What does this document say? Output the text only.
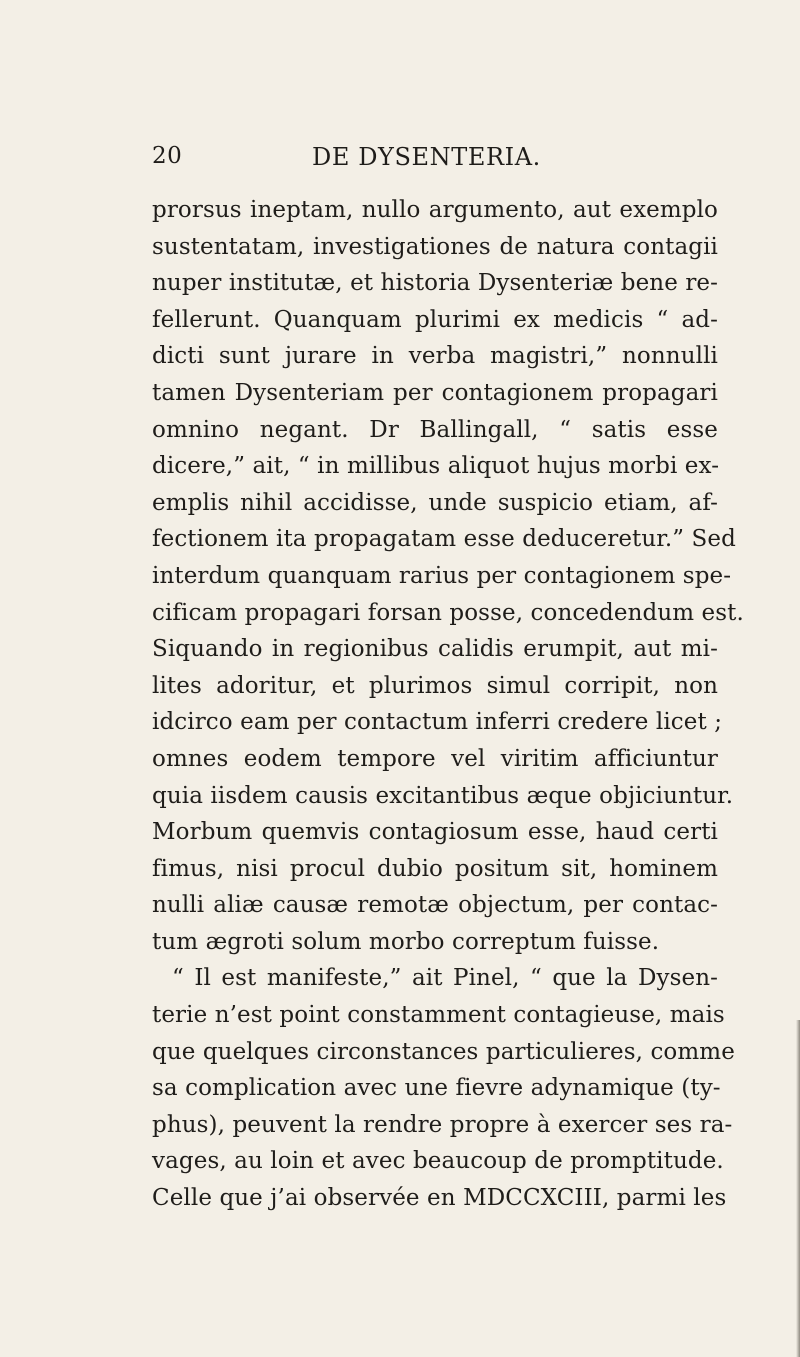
20	DE DYSENTERIA.
prorsus ineptam, nullo argumento, aut exemplo
sustentatam, investigationes de natura contagii
nuper institutæ, et historia Dysenteriæ bene re-
fellerunt. Quanquam plurimi ex medicis “ ad-
dicti sunt jurare in verba magistri,” nonnulli
tamen Dysenteriam per contagionem propagari
omnino negant. Dr Ballingall, “ satis esse
dicere,” ait, “ in millibus aliquot hujus morbi ex-
emplis nihil accidisse, unde suspicio etiam, af-
fectionem ita propagatam esse deduceretur.” Sed
interdum quanquam rarius per contagionem spe-
cificam propagari forsan posse, concedendum est.
Siquando in regionibus calidis erumpit, aut mi-
lites adoritur, et plurimos simul corripit, non
idcirco eam per contactum inferri credere licet ;
omnes eodem tempore vel viritim afficiuntur
quia iisdem causis excitantibus æque objiciuntur.
Morbum quemvis contagiosum esse, haud certi
fimus, nisi procul dubio positum sit, hominem
nulli aliæ causæ remotæ objectum, per contac-
tum ægroti solum morbo correptum fuisse.
“ Il est manifeste,” ait Pinel, “ que la Dysen-
terie n’est point constamment contagieuse, mais
que quelques circonstances particulieres, comme
sa complication avec une fievre adynamique (ty-
phus), peuvent la rendre propre à exercer ses ra-
vages, au loin et avec beaucoup de promptitude.
Celle que j’ai observée en MDCCXCIII, parmi les
